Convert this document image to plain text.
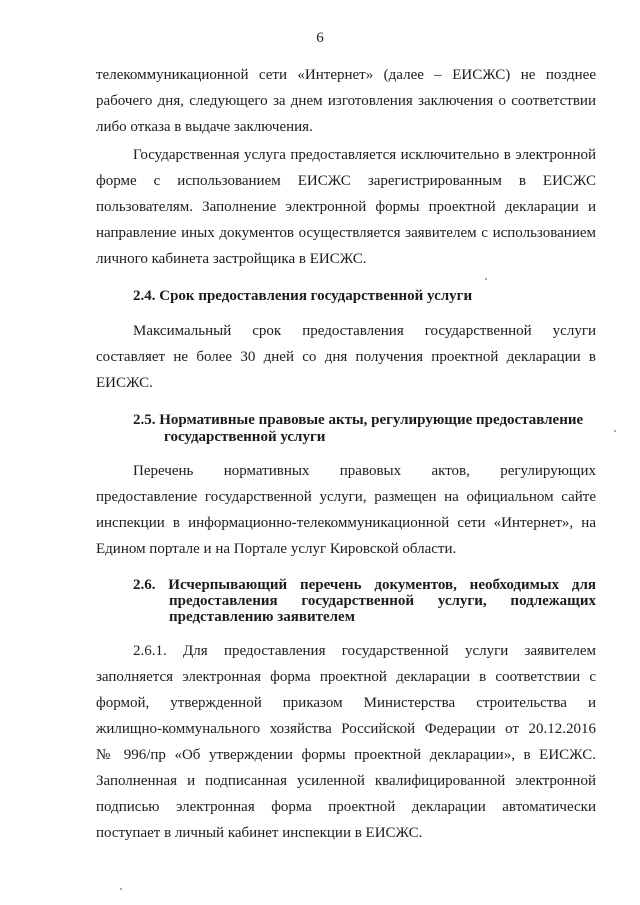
6
телекоммуникационной сети «Интернет» (далее – ЕИСЖС) не позднее
рабочего дня, следующего за днем изготовления заключения о соответствии
либо отказа в выдаче заключения.
Государственная услуга предоставляется исключительно в электронной
форме с использованием ЕИСЖС зарегистрированным в ЕИСЖС
пользователям. Заполнение электронной формы проектной декларации и
направление иных документов осуществляется заявителем с использованием
личного кабинета застройщика в ЕИСЖС.
2.4. Срок предоставления государственной услуги
Максимальный срок предоставления государственной услуги
составляет не более 30 дней со дня получения проектной декларации в
ЕИСЖС.
2.5. Нормативные правовые акты, регулирующие предоставление
государственной услуги
Перечень нормативных правовых актов, регулирующих
предоставление государственной услуги, размещен на официальном сайте
инспекции в информационно-телекоммуникационной сети «Интернет», на
Едином портале и на Портале услуг Кировской области.
2.6. Исчерпывающий перечень документов, необходимых для
предоставления государственной услуги, подлежащих
представлению заявителем
2.6.1. Для предоставления государственной услуги заявителем
заполняется электронная форма проектной декларации в соответствии с
формой, утвержденной приказом Министерства строительства и
жилищно-коммунального хозяйства Российской Федерации от 20.12.2016
№ 996/пр «Об утверждении формы проектной декларации», в ЕИСЖС.
Заполненная и подписанная усиленной квалифицированной электронной
подписью электронная форма проектной декларации автоматически
поступает в личный кабинет инспекции в ЕИСЖС.
